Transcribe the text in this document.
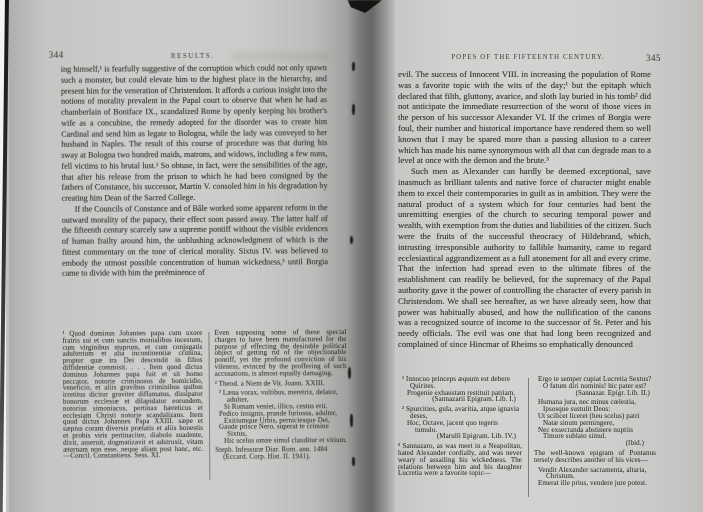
344	RESULTS.

ing himself,¹ is fearfully suggestive of the corruption which could not only spawn such a monster, but could elevate him to the highest place in the hierarchy, and present him for the veneration of Christendom. It affords a curious insight into the notions of morality prevalent in the Papal court to observe that when he had as chamberlain of Boniface IX., scandalized Rome by openly keeping his brother's wife as a concubine, the remedy adopted for the disorder was to create him Cardinal and send him as legate to Bologna, while the lady was conveyed to her husband in Naples. The result of this course of procedure was that during his sway at Bologna two hundred maids, matrons, and widows, including a few nuns, fell victims to his brutal lust.² So obtuse, in fact, were the sensibilities of the age, that after his release from the prison to which he had been consigned by the fathers of Constance, his successor, Martin V. consoled him in his degradation by creating him Dean of the Sacred College.

If the Councils of Constance and of Bâle worked some apparent reform in the outward morality of the papacy, their effect soon passed away. The latter half of the fifteenth century scarcely saw a supreme pontiff without the visible evidences of human frailty around him, the unblushing acknowledgment of which is the fittest commentary on the tone of clerical morality. Sixtus IV. was believed to embody the utmost possible concentration of human wickedness,³ until Borgia came to divide with him the preëminence of

¹ Quod dominus Johannes papa cum uxore fratris sui et cum sanctis monialibus incestum, cum virginibus stuprum, et cum conjugatis adulterium et alia incontinentiæ crimina, propter quæ ira Dei descendit in filios diffidentiæ commisit. . . . Item quod dictus dominus Johannes papa fuit et sit homo peccator, notorie criminosus de homicidio, veneficio, et aliis gravibus criminibus quibus irretitus dicitur graviter diffamatus, dissipator bonorum ecclesiæ et dilapidator eorundem, notorius simoniacus, pertinax hæreticus et ecclesiam Christi notorie scandalizans. Item quod dictus Johannes Papa XXIII. sæpe et sæpius coram diversis prælatis et aliis honestis et probis viris pertinaciter, diabolo suadente, dixit, asseruit, dogmatizavit et adstruxit, vitam æternam non esse, neque aliam post hanc, etc.—Concil. Constantiens. Sess. XI.

Even supposing some of these special charges to have been manufactured for the purpose of effecting the desirable political object of getting rid of the objectionable pontiff, yet the profound conviction of his vileness, evinced by the proffering of such accusations, is almost equally damaging.

² Theod. a Niem de Vit. Joann. XXIII.
³ Læna vorax, vultibus, meretrix, delator, adulter,
Si Romam veniet, illico, cestus erit.
Pedico insignis, prande furiosus, adulter,
Exitiumque Urbis, perniciesque Dei,
Gaude prisce Nero, superat te crimine Sixtus,
Hic scelus omne simul clauditur et vitium.
Steph. Infessuræ Diar. Rom. ann. 1484 (Eccard. Corp. Hist. II. 1941).
POPES OF THE FIFTEENTH CENTURY.	345

evil. The success of Innocent VIII. in increasing the population of Rome was a favorite topic with the wits of the day;¹ but the epitaph which declared that filth, gluttony, avarice, and sloth lay buried in his tomb² did not anticipate the immediate resurrection of the worst of those vices in the person of his successor Alexander VI. If the crimes of Borgia were foul, their number and historical importance have rendered them so well known that I may be spared more than a passing allusion to a career which has made his name synonymous with all that can degrade man to a level at once with the demon and the brute.³

Such men as Alexander can hardly be deemed exceptional, save inasmuch as brilliant talents and native force of character might enable them to excel their contemporaries in guilt as in ambition. They were the natural product of a system which for four centuries had bent the unremitting energies of the church to securing temporal power and wealth, with exemption from the duties and liabilities of the citizen. Such were the fruits of the successful theocracy of Hildebrand, which, intrusting irresponsible authority to fallible humanity, came to regard ecclesiastical aggrandizement as a full atonement for all and every crime. That the infection had spread even to the ultimate fibres of the establishment can readily be believed, for the supremacy of the Papal authority gave it the power of controlling the character of every parish in Christendom. We shall see hereafter, as we have already seen, how that power was habitually abused, and how the nullification of the canons was a recognized source of income to the successor of St. Peter and his needy officials. The evil was one that had long been recognized and complained of since Hincmar of Rheims so emphatically denounced

¹ Innocuo princeps æquum est debere Quirites.
Progenie exhaustam restituit patriam.
(Sannazarii Epigram. Lib. I.)
² Spurcities, gula, avaritia, atque ignavia deses,
Hoc, Octave, jacent quo tegeris tumulo.
(Marulli Epigram. Lib. IV.)

³ Sannazaro, as was meet in a Neapolitan, hated Alexander cordially, and was never weary of assailing his wickedness. The relations between him and his daughter Lucretia were a favorite topic—

Ergo te semper cupiat Lucretia Sextus?
O fatum diri nominis! hic pater est?
(Sannazar. Epigr. Lib. II.)
Humana jura, nec minus cœlestia,
Ipsosque sustulit Deos:
Ut scilicet liceret (heu scelus) patri
Natæ sinum permingere,
Nec exsecranda abstinere nuptiis
Timore sublato simul.
(Ibid.)

The well-known epigram of Pontanus tersely describes another of his vices—

Vendit Alexander sacramenta, altaria, Christum.
Emerat ille prius, vendere jure potest.
